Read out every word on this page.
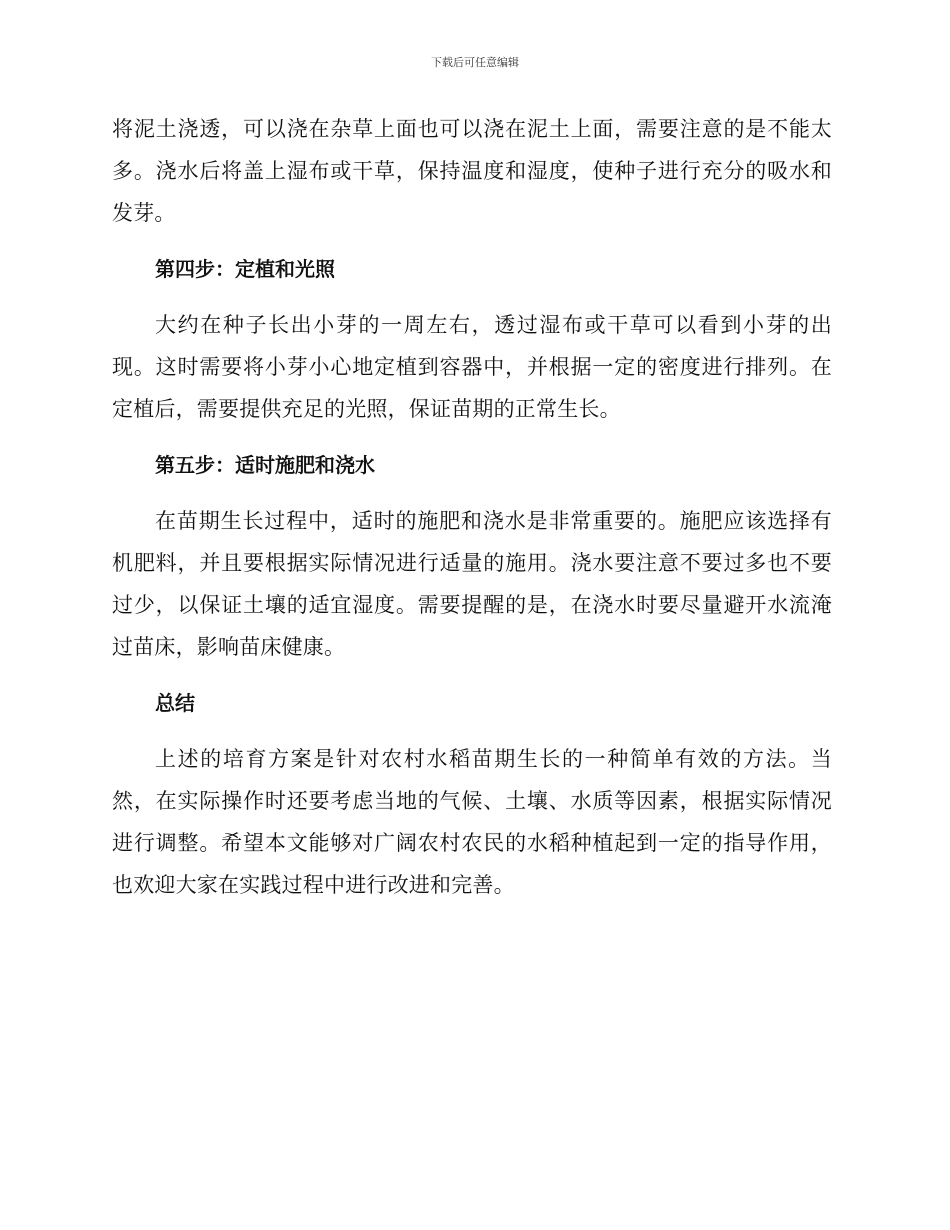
下载后可任意编辑

将泥土浇透，可以浇在杂草上面也可以浇在泥土上面，需要注意的是不能太多。浇水后将盖上湿布或干草，保持温度和湿度，使种子进行充分的吸水和发芽。

第四步：定植和光照

大约在种子长出小芽的一周左右，透过湿布或干草可以看到小芽的出现。这时需要将小芽小心地定植到容器中，并根据一定的密度进行排列。在定植后，需要提供充足的光照，保证苗期的正常生长。

第五步：适时施肥和浇水

在苗期生长过程中，适时的施肥和浇水是非常重要的。施肥应该选择有机肥料，并且要根据实际情况进行适量的施用。浇水要注意不要过多也不要过少，以保证土壤的适宜湿度。需要提醒的是，在浇水时要尽量避开水流淹过苗床，影响苗床健康。

总结

上述的培育方案是针对农村水稻苗期生长的一种简单有效的方法。当然，在实际操作时还要考虑当地的气候、土壤、水质等因素，根据实际情况进行调整。希望本文能够对广阔农村农民的水稻种植起到一定的指导作用，也欢迎大家在实践过程中进行改进和完善。
